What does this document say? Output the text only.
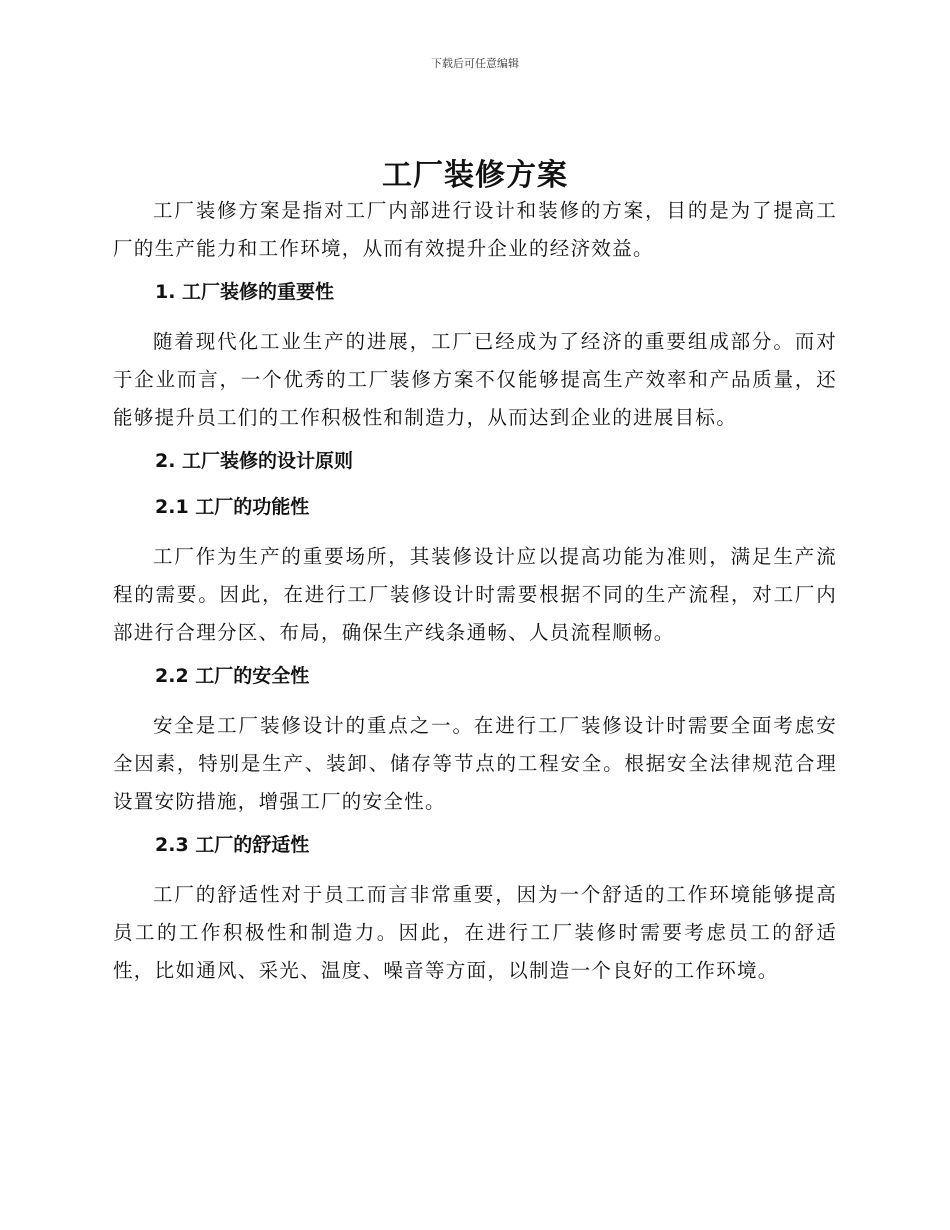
下载后可任意编辑
工厂装修方案

工厂装修方案是指对工厂内部进行设计和装修的方案，目的是为了提高工厂的生产能力和工作环境，从而有效提升企业的经济效益。

1. 工厂装修的重要性

随着现代化工业生产的进展，工厂已经成为了经济的重要组成部分。而对于企业而言，一个优秀的工厂装修方案不仅能够提高生产效率和产品质量，还能够提升员工们的工作积极性和制造力，从而达到企业的进展目标。

2. 工厂装修的设计原则
2.1 工厂的功能性

工厂作为生产的重要场所，其装修设计应以提高功能为准则，满足生产流程的需要。因此，在进行工厂装修设计时需要根据不同的生产流程，对工厂内部进行合理分区、布局，确保生产线条通畅、人员流程顺畅。

2.2 工厂的安全性

安全是工厂装修设计的重点之一。在进行工厂装修设计时需要全面考虑安全因素，特别是生产、装卸、储存等节点的工程安全。根据安全法律规范合理设置安防措施，增强工厂的安全性。

2.3 工厂的舒适性

工厂的舒适性对于员工而言非常重要，因为一个舒适的工作环境能够提高员工的工作积极性和制造力。因此，在进行工厂装修时需要考虑员工的舒适性，比如通风、采光、温度、噪音等方面，以制造一个良好的工作环境。
